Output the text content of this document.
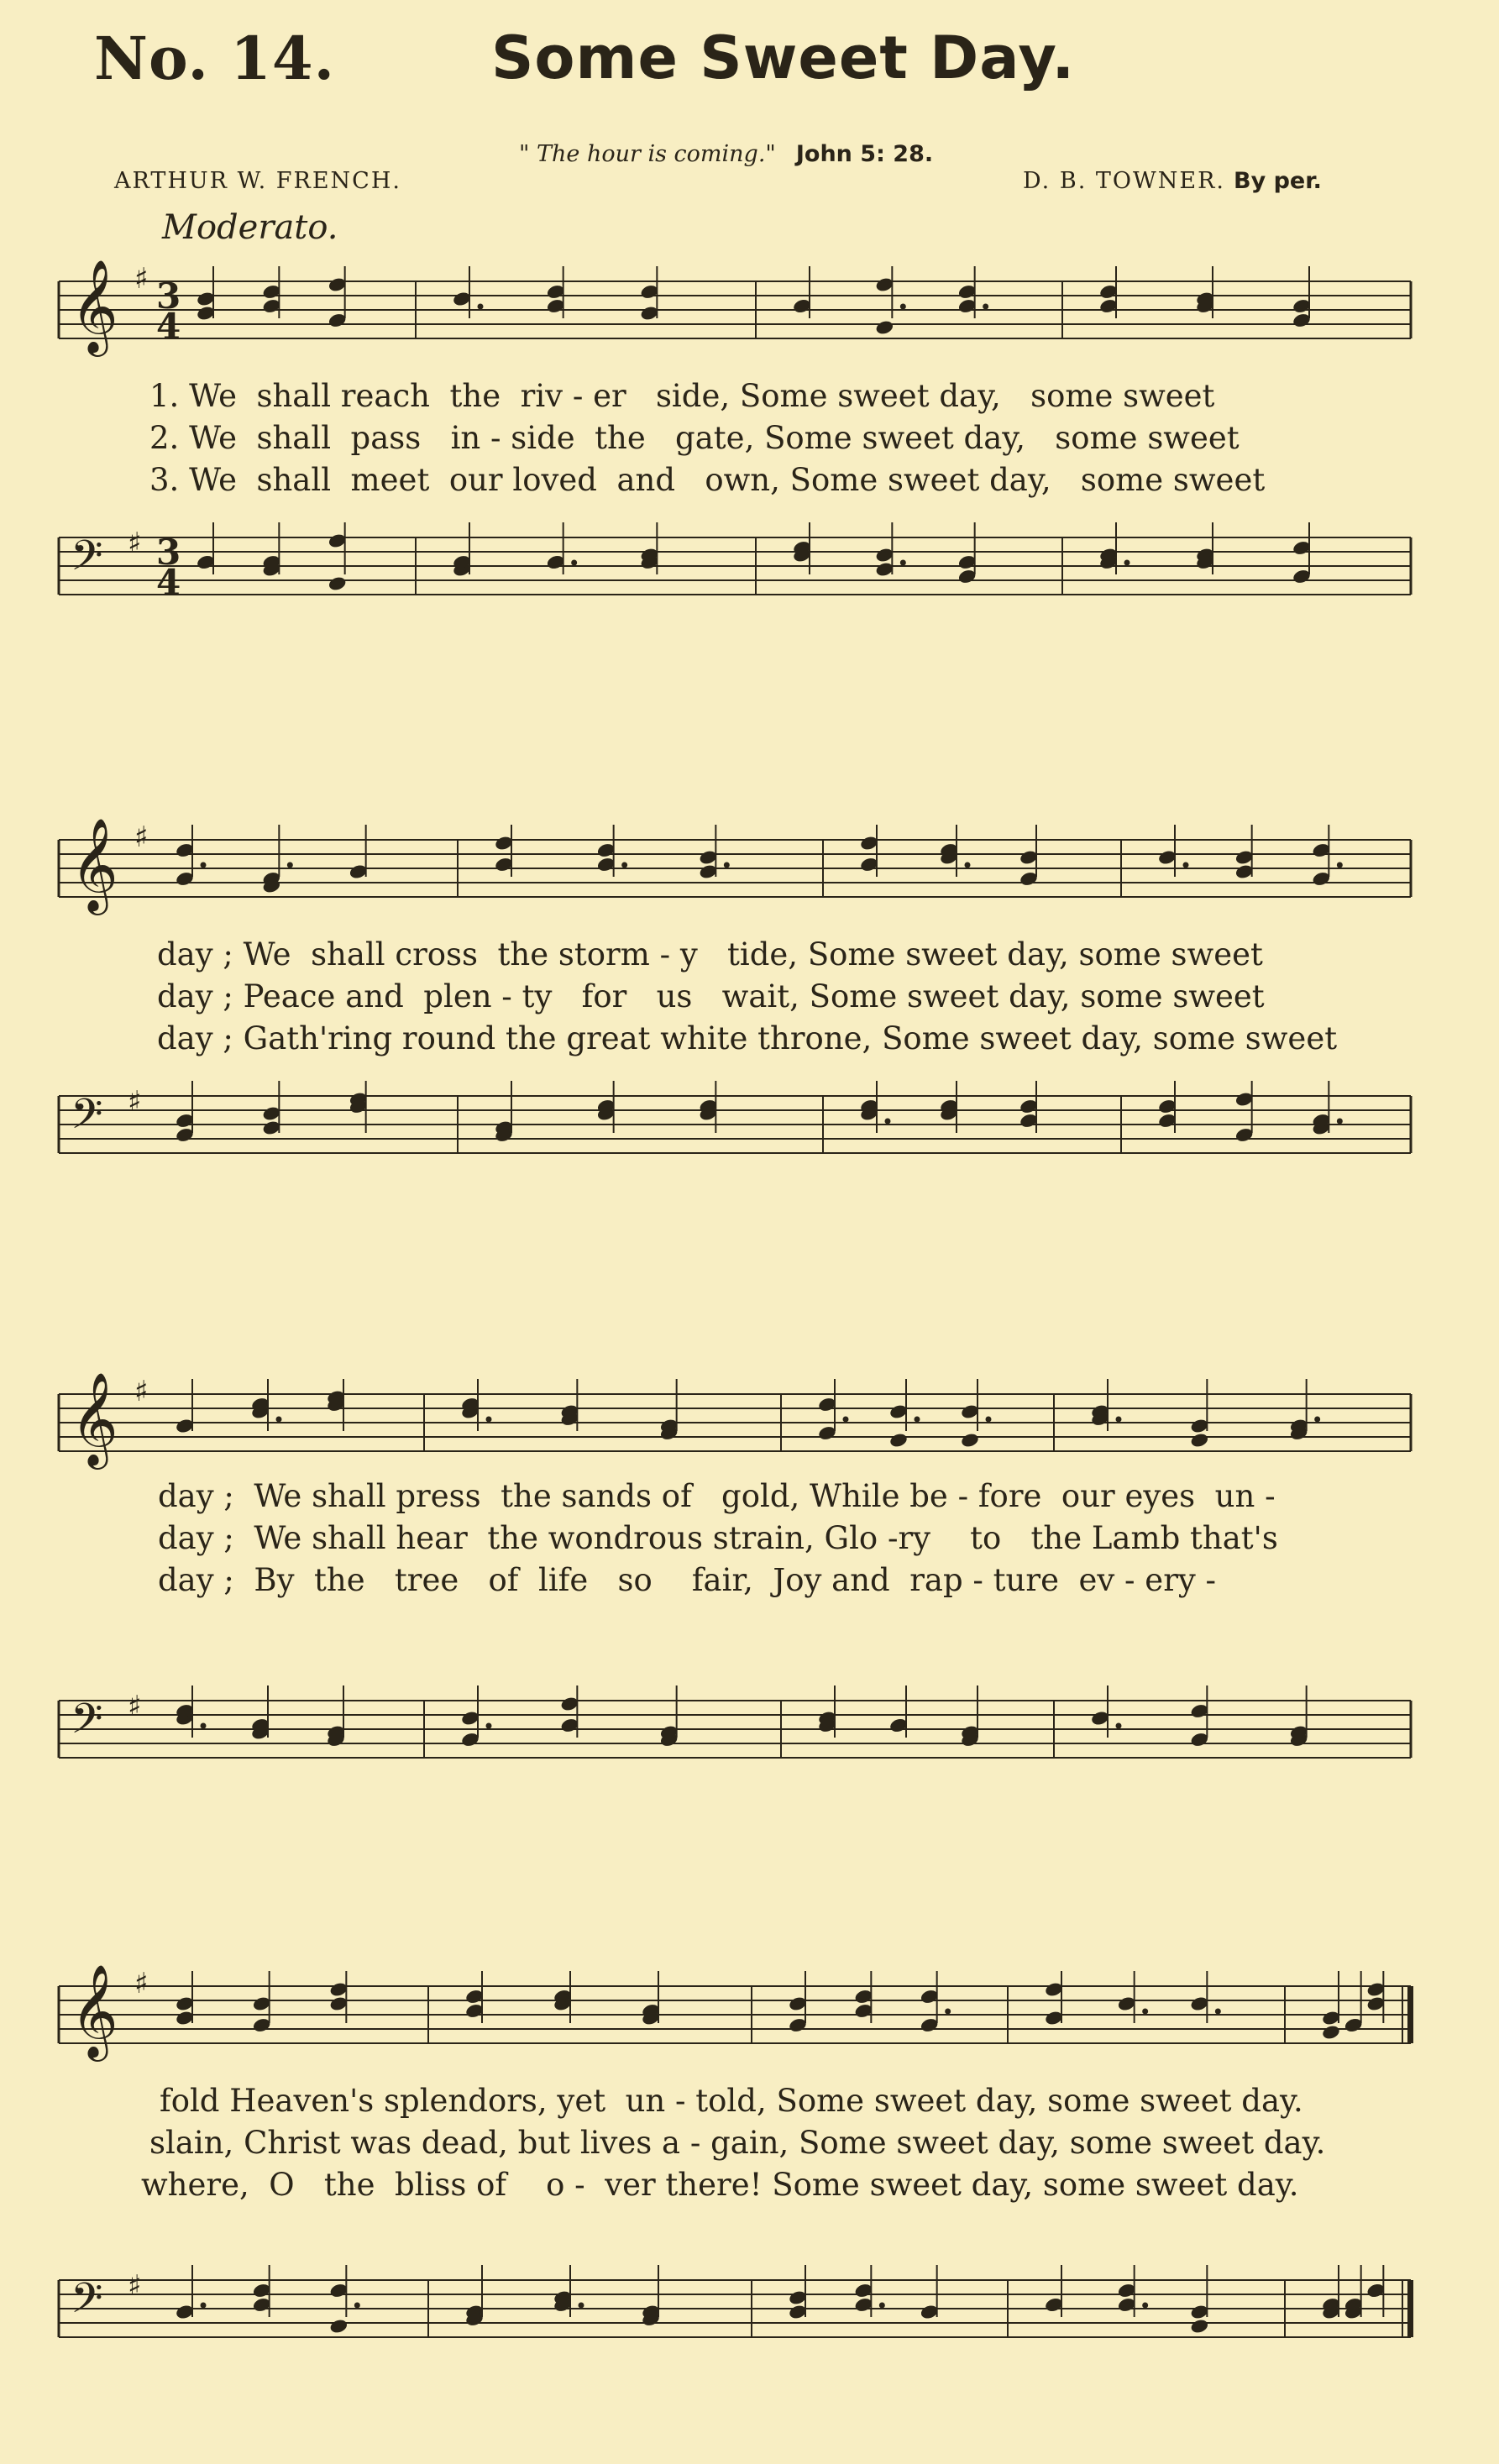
No. 14.	Some Sweet Day.
" The hour is coming." John 5: 28.
ARTHUR W. FRENCH.	D. B. TOWNER. By per.
Moderato.
𝄞 ♯ 3
4
1. We  shall reach  the  riv - er   side, Some sweet day,   some sweet
2. We  shall  pass   in - side  the   gate, Some sweet day,   some sweet
3. We  shall  meet  our loved  and   own, Some sweet day,   some sweet
𝄢 ♯ 3
4
𝄞 ♯
day ; We  shall cross  the storm - y   tide, Some sweet day, some sweet
day ; Peace and  plen - ty   for   us   wait, Some sweet day, some sweet
day ; Gath'ring round the great white throne, Some sweet day, some sweet
𝄢 ♯
𝄞 ♯
day ;  We shall press  the sands of   gold, While be - fore  our eyes  un -
day ;  We shall hear  the wondrous strain, Glo -ry    to   the Lamb that's
day ;  By  the   tree   of  life   so    fair,  Joy and  rap - ture  ev - ery -
𝄢 ♯
𝄞 ♯
fold Heaven's splendors, yet  un - told, Some sweet day, some sweet day.
slain, Christ was dead, but lives a - gain, Some sweet day, some sweet day.
where,  O   the  bliss of    o -  ver there! Some sweet day, some sweet day.
𝄢 ♯
